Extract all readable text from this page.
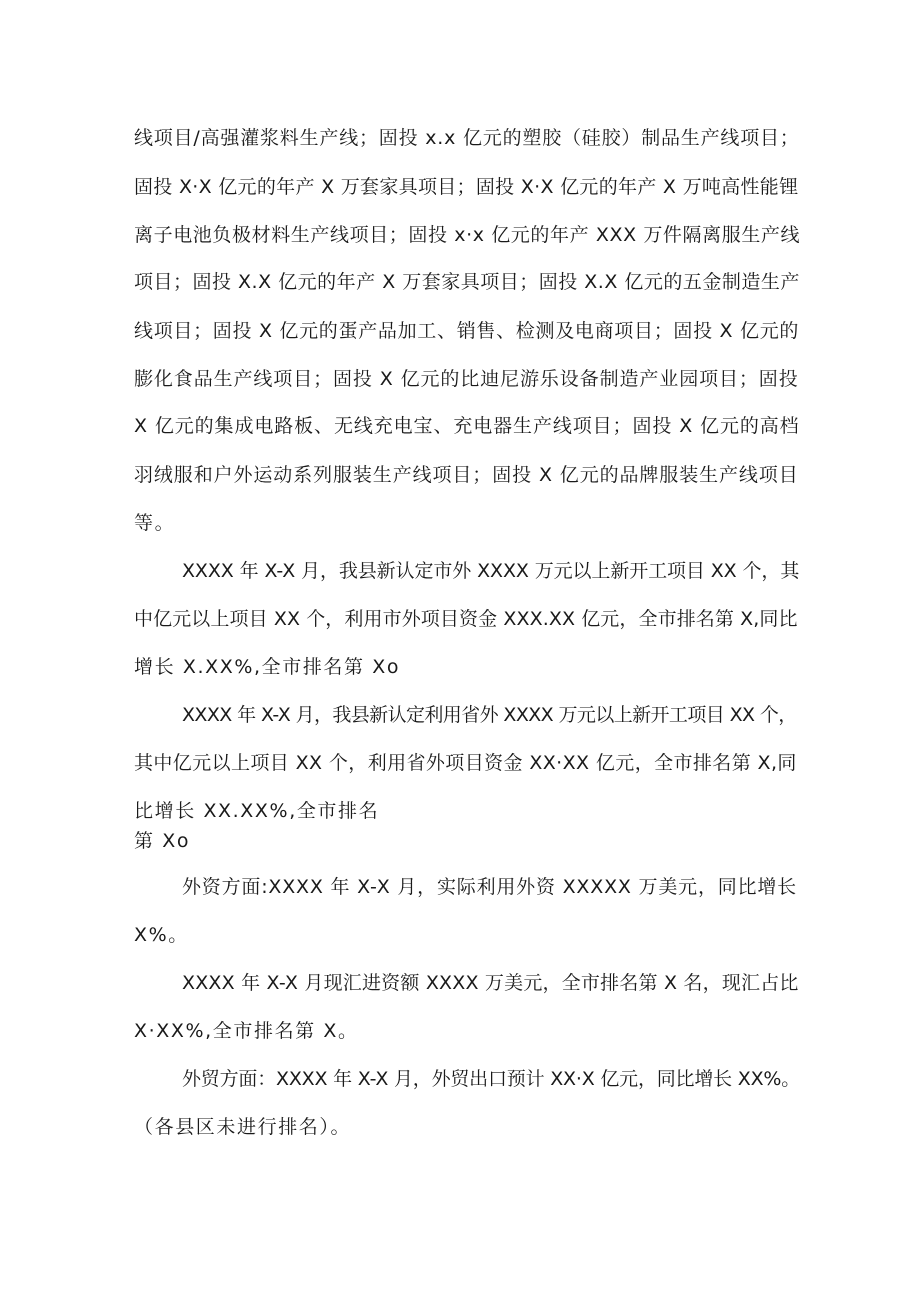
线项目/高强灌浆料生产线；固投 x.x 亿元的塑胶（硅胶）制品生产线项目；
固投 X·X 亿元的年产 X 万套家具项目；固投 X·X 亿元的年产 X 万吨高性能锂
离子电池负极材料生产线项目；固投 x·x 亿元的年产 XXX 万件隔离服生产线
项目；固投 X.X 亿元的年产 X 万套家具项目；固投 X.X 亿元的五金制造生产
线项目；固投 X 亿元的蛋产品加工、销售、检测及电商项目；固投 X 亿元的
膨化食品生产线项目；固投 X 亿元的比迪尼游乐设备制造产业园项目；固投
X 亿元的集成电路板、无线充电宝、充电器生产线项目；固投 X 亿元的高档
羽绒服和户外运动系列服装生产线项目；固投 X 亿元的品牌服装生产线项目
等。
XXXX 年 X-X 月，我县新认定市外 XXXX 万元以上新开工项目 XX 个，其
中亿元以上项目 XX 个，利用市外项目资金 XXX.XX 亿元，全市排名第 X,同比
增长 X.XX%,全市排名第 Xo
XXXX 年 X-X 月，我县新认定利用省外 XXXX 万元以上新开工项目 XX 个，
其中亿元以上项目 XX 个，利用省外项目资金 XX·XX 亿元，全市排名第 X,同
比增长 XX.XX%,全市排名
第 Xo
外资方面:XXXX 年 X-X 月，实际利用外资 XXXXX 万美元，同比增长
X%。
XXXX 年 X-X 月现汇进资额 XXXX 万美元，全市排名第 X 名，现汇占比
X·XX%,全市排名第 X。
外贸方面：XXXX 年 X-X 月，外贸出口预计 XX·X 亿元，同比增长 XX%。
（各县区未进行排名）。
